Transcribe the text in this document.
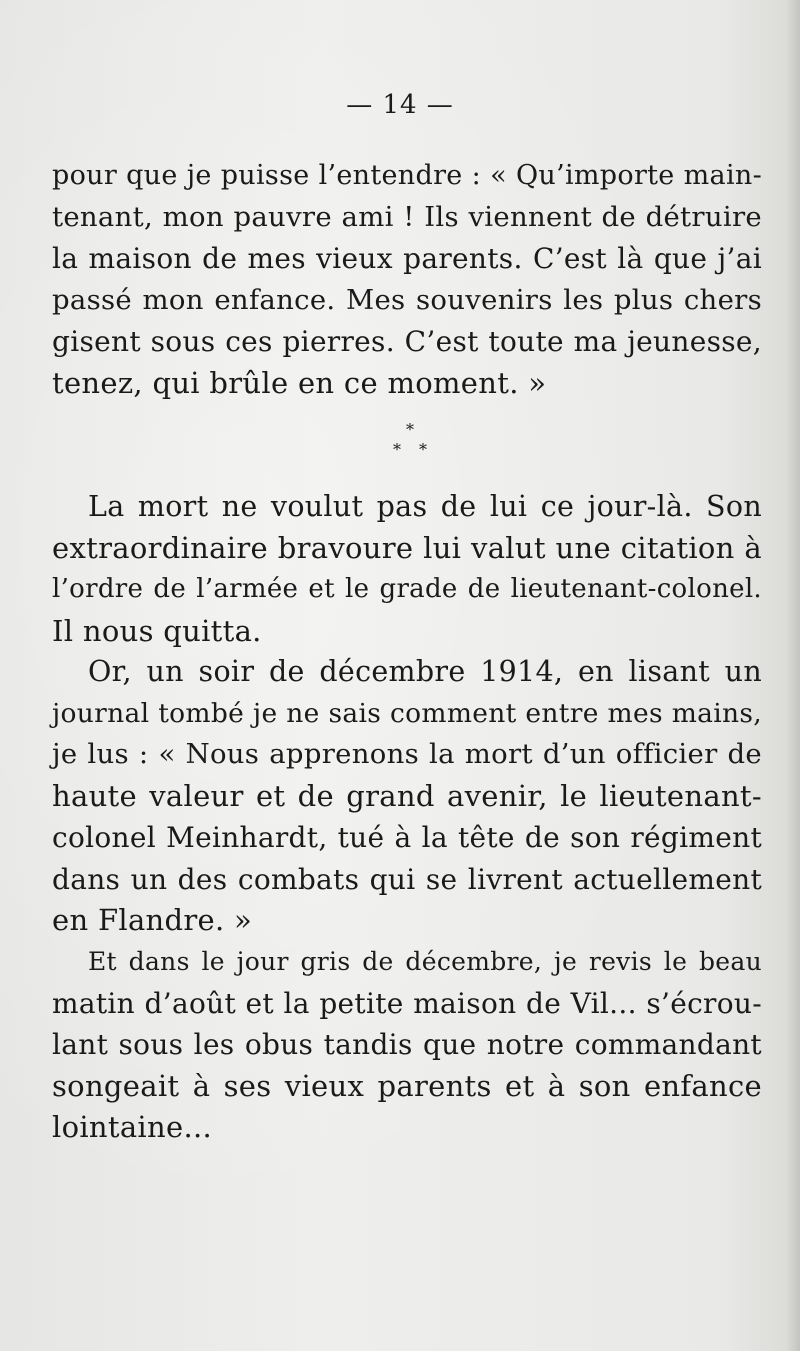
— 14 —
pour que je puisse l’entendre : « Qu’importe main-
tenant, mon pauvre ami ! Ils viennent de détruire
la maison de mes vieux parents. C’est là que j’ai
passé mon enfance. Mes souvenirs les plus chers
gisent sous ces pierres. C’est toute ma jeunesse,
tenez, qui brûle en ce moment. »
*
* *
La mort ne voulut pas de lui ce jour-là. Son
extraordinaire bravoure lui valut une citation à
l’ordre de l’armée et le grade de lieutenant-colonel.
Il nous quitta.
Or, un soir de décembre 1914, en lisant un
journal tombé je ne sais comment entre mes mains,
je lus : « Nous apprenons la mort d’un officier de
haute valeur et de grand avenir, le lieutenant-
colonel Meinhardt, tué à la tête de son régiment
dans un des combats qui se livrent actuellement
en Flandre. »
Et dans le jour gris de décembre, je revis le beau
matin d’août et la petite maison de Vil... s’écrou-
lant sous les obus tandis que notre commandant
songeait à ses vieux parents et à son enfance
lointaine...
